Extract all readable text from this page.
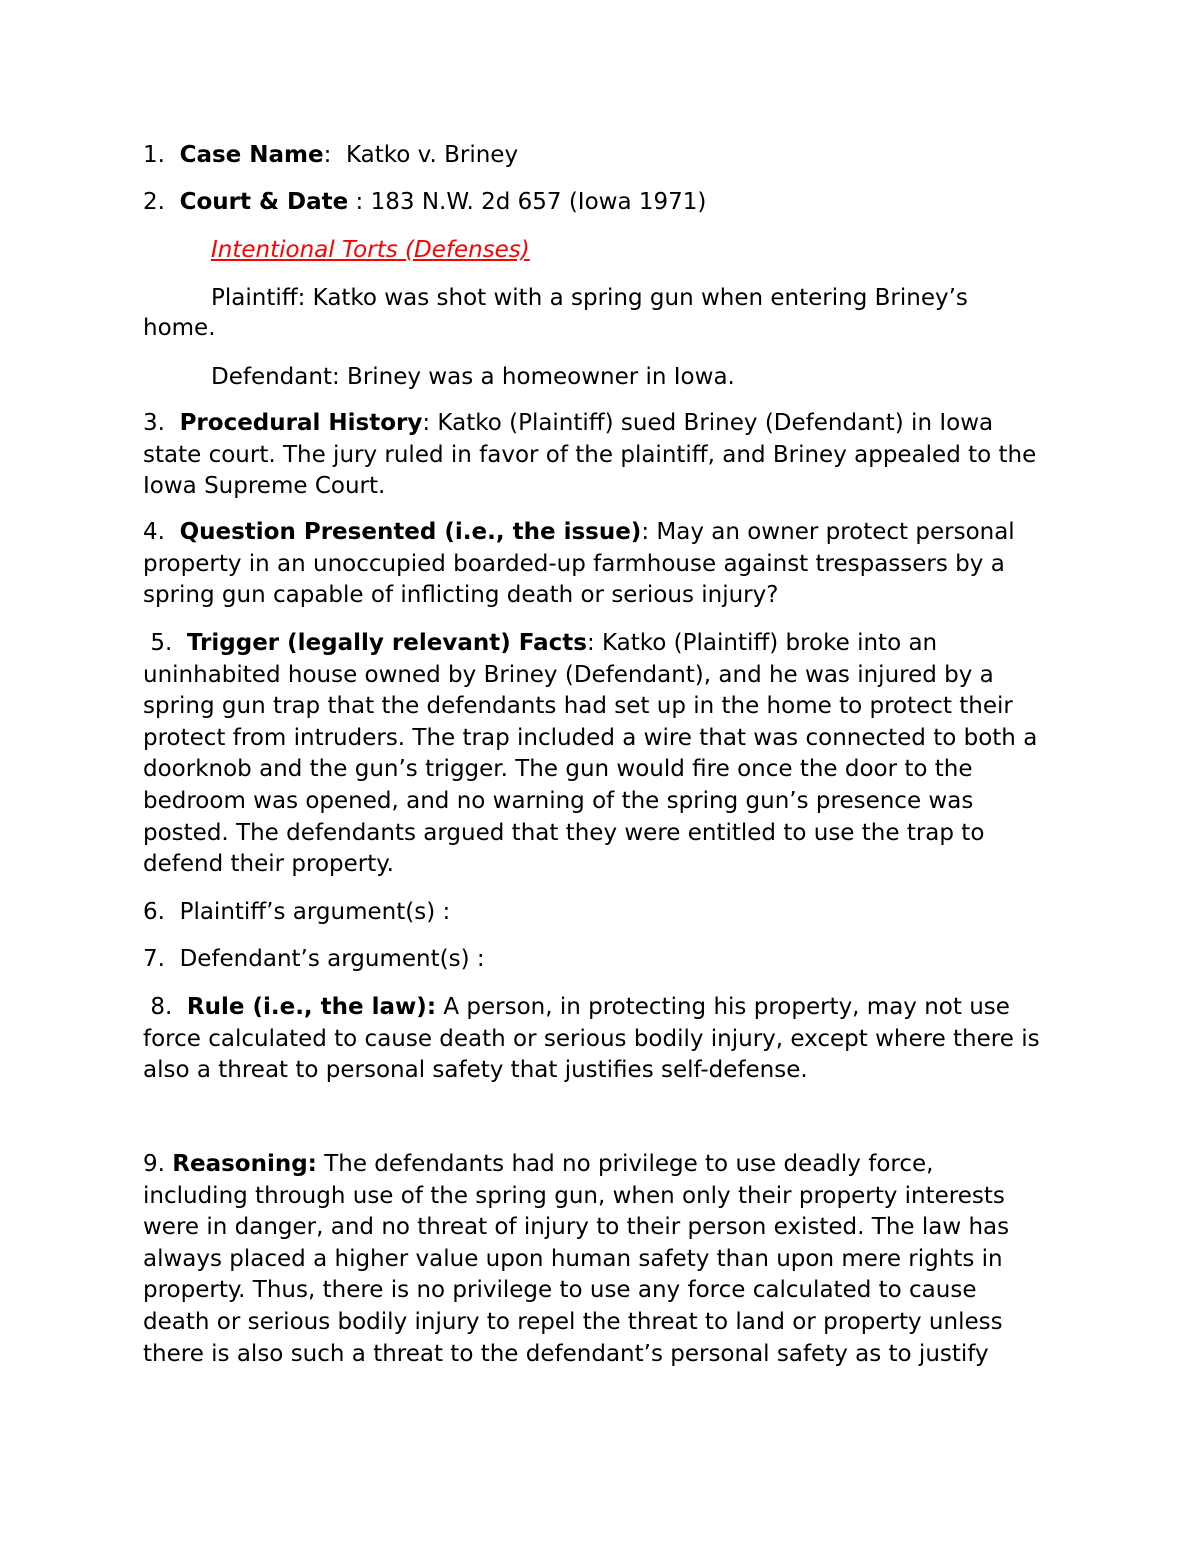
1. Case Name: Katko v. Briney
2. Court & Date : 183 N.W. 2d 657 (Iowa 1971)
Intentional Torts (Defenses)
Plaintiff: Katko was shot with a spring gun when entering Briney’s
home.
Defendant: Briney was a homeowner in Iowa.
3. Procedural History: Katko (Plaintiff) sued Briney (Defendant) in Iowa
state court. The jury ruled in favor of the plaintiff, and Briney appealed to the
Iowa Supreme Court.
4. Question Presented (i.e., the issue): May an owner protect personal
property in an unoccupied boarded-up farmhouse against trespassers by a
spring gun capable of inflicting death or serious injury?
5. Trigger (legally relevant) Facts: Katko (Plaintiff) broke into an
uninhabited house owned by Briney (Defendant), and he was injured by a
spring gun trap that the defendants had set up in the home to protect their
protect from intruders. The trap included a wire that was connected to both a
doorknob and the gun’s trigger. The gun would fire once the door to the
bedroom was opened, and no warning of the spring gun’s presence was
posted. The defendants argued that they were entitled to use the trap to
defend their property.
6. Plaintiff’s argument(s) :
7. Defendant’s argument(s) :
8. Rule (i.e., the law): A person, in protecting his property, may not use
force calculated to cause death or serious bodily injury, except where there is
also a threat to personal safety that justifies self-defense.
9. Reasoning: The defendants had no privilege to use deadly force,
including through use of the spring gun, when only their property interests
were in danger, and no threat of injury to their person existed. The law has
always placed a higher value upon human safety than upon mere rights in
property. Thus, there is no privilege to use any force calculated to cause
death or serious bodily injury to repel the threat to land or property unless
there is also such a threat to the defendant’s personal safety as to justify
